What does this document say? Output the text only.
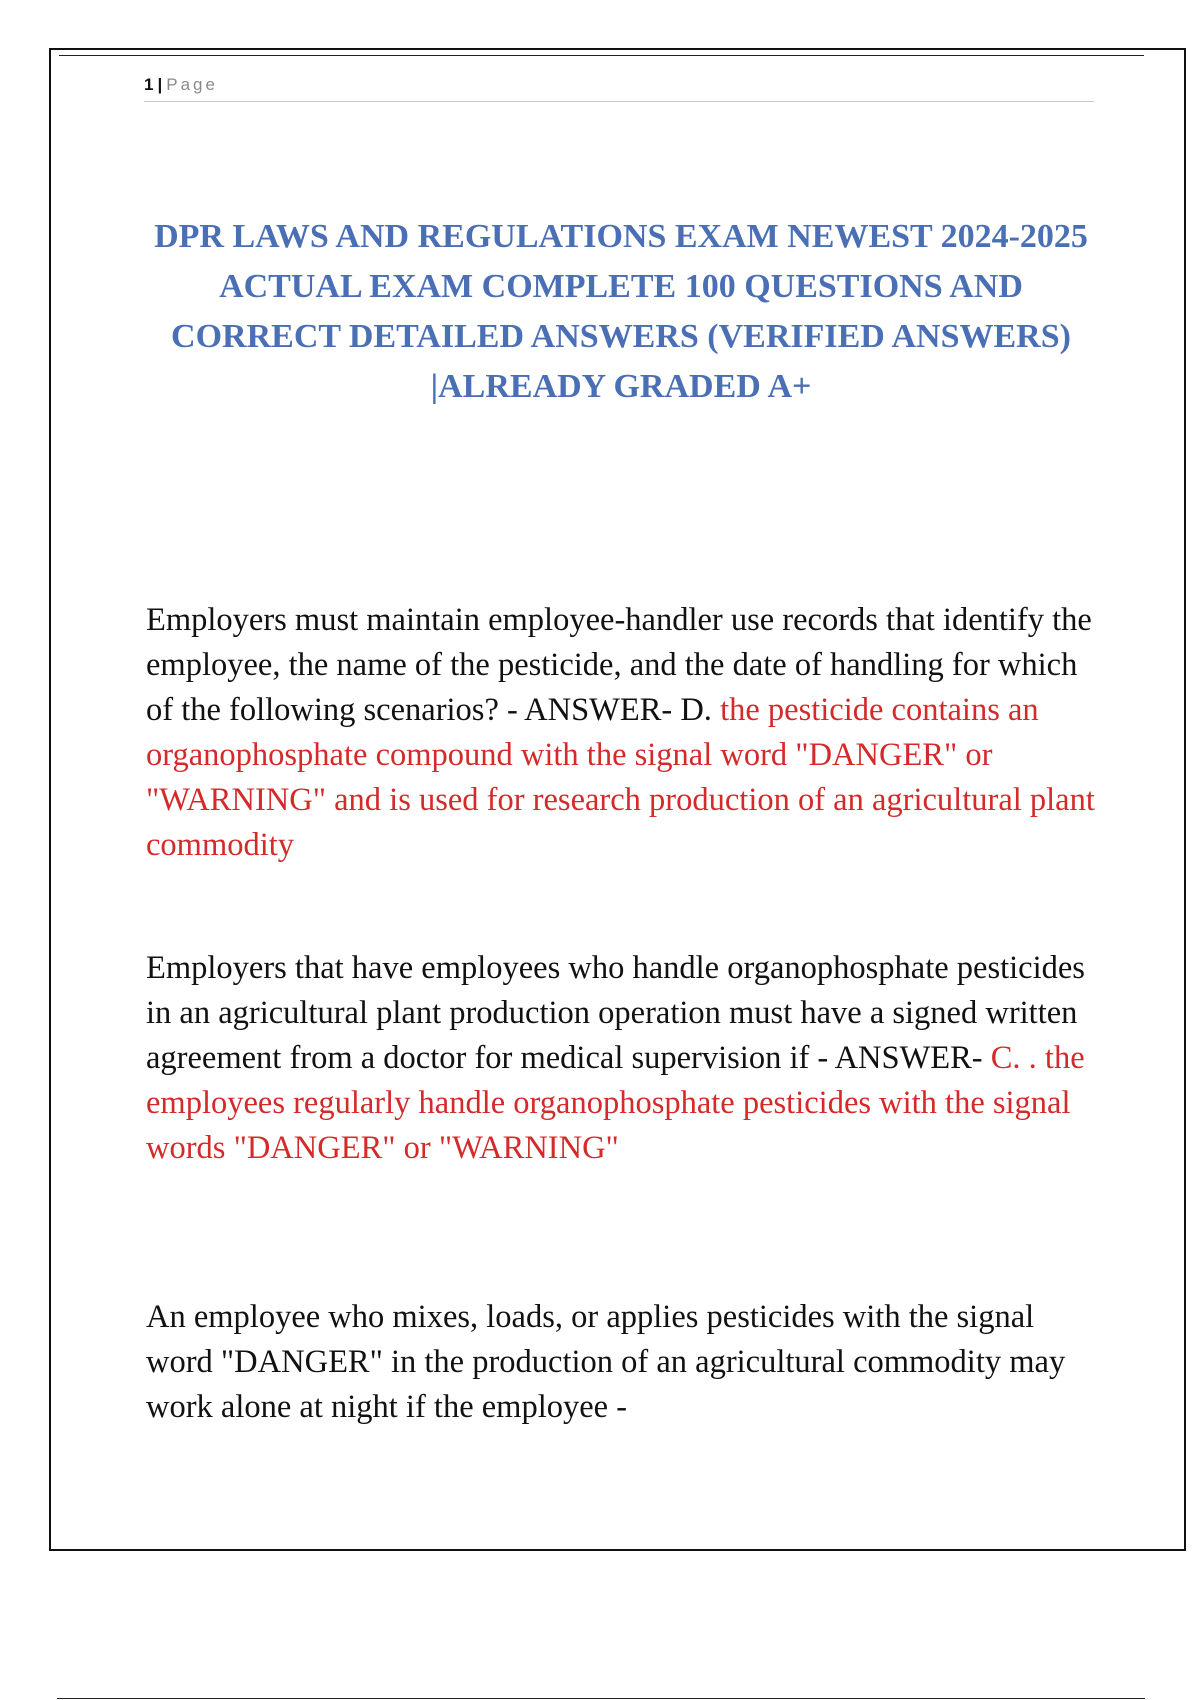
1 | Page
DPR LAWS AND REGULATIONS EXAM NEWEST 2024-2025 ACTUAL EXAM COMPLETE 100 QUESTIONS AND CORRECT DETAILED ANSWERS (VERIFIED ANSWERS) |ALREADY GRADED A+

Employers must maintain employee-handler use records that identify the employee, the name of the pesticide, and the date of handling for which of the following scenarios? - ANSWER- D. the pesticide contains an organophosphate compound with the signal word "DANGER" or "WARNING" and is used for research production of an agricultural plant commodity

Employers that have employees who handle organophosphate pesticides in an agricultural plant production operation must have a signed written agreement from a doctor for medical supervision if - ANSWER- C. . the employees regularly handle organophosphate pesticides with the signal words "DANGER" or "WARNING"

An employee who mixes, loads, or applies pesticides with the signal word "DANGER" in the production of an agricultural commodity may work alone at night if the employee -
